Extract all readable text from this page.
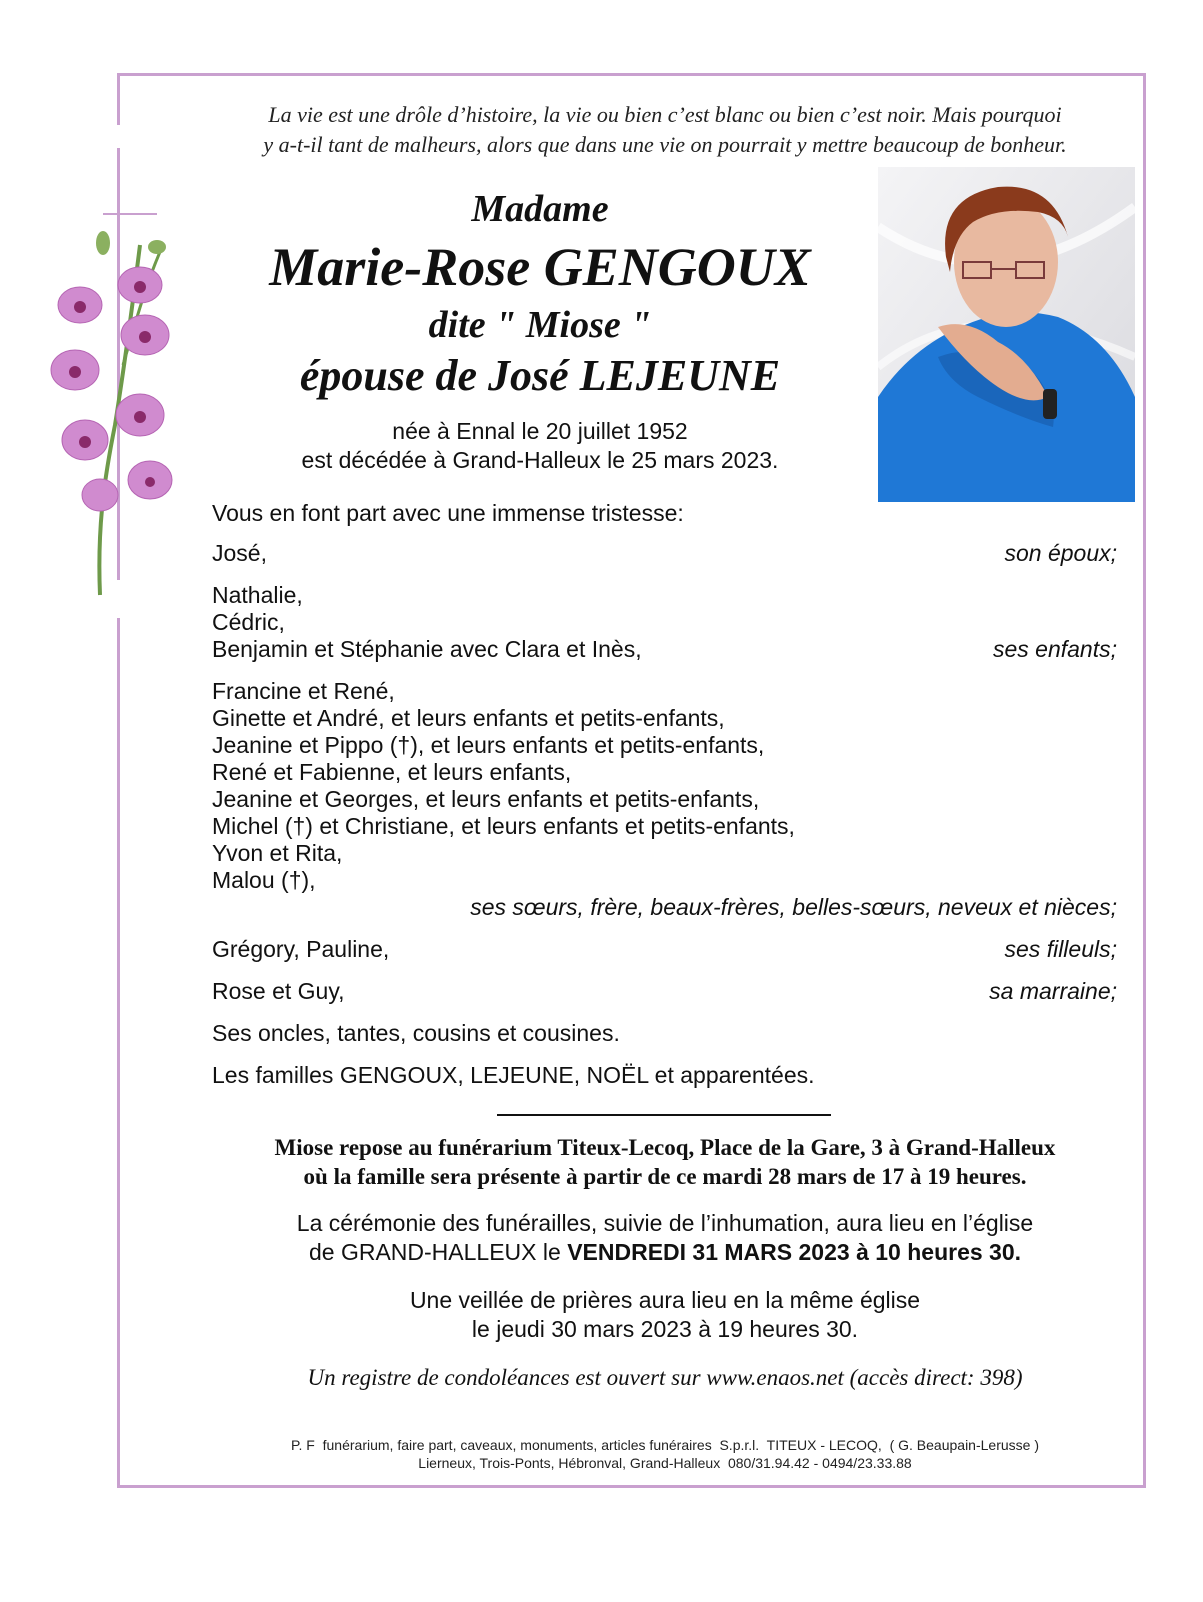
La vie est une drôle d’histoire, la vie ou bien c’est blanc ou bien c’est noir. Mais pourquoi
y a-t-il tant de malheurs, alors que dans une vie on pourrait y mettre beaucoup de bonheur.
Madame
Marie-Rose GENGOUX
dite " Miose "
épouse de José LEJEUNE
née à Ennal le 20 juillet 1952
est décédée à Grand-Halleux le 25 mars 2023.
Vous en font part avec une immense tristesse:
José,	son époux;
Nathalie,
Cédric,
Benjamin et Stéphanie avec Clara et Inès,	ses enfants;
Francine et René,
Ginette et André, et leurs enfants et petits-enfants,
Jeanine et Pippo (†), et leurs enfants et petits-enfants,
René et Fabienne, et leurs enfants,
Jeanine et Georges, et leurs enfants et petits-enfants,
Michel (†) et Christiane, et leurs enfants et petits-enfants,
Yvon et Rita,
Malou (†),
ses sœurs, frère, beaux-frères, belles-sœurs, neveux et nièces;
Grégory, Pauline,	ses filleuls;
Rose et Guy,	sa marraine;
Ses oncles, tantes, cousins et cousines.
Les familles GENGOUX, LEJEUNE, NOËL et apparentées.
Miose repose au funérarium Titeux-Lecoq, Place de la Gare, 3 à Grand-Halleux
où la famille sera présente à partir de ce mardi 28 mars de 17 à 19 heures.
La cérémonie des funérailles, suivie de l’inhumation, aura lieu en l’église
de GRAND-HALLEUX le VENDREDI 31 MARS 2023 à 10 heures 30.
Une veillée de prières aura lieu en la même église
le jeudi 30 mars 2023 à 19 heures 30.
Un registre de condoléances est ouvert sur www.enaos.net (accès direct: 398)
P. F  funérarium, faire part, caveaux, monuments, articles funéraires  S.p.r.l.  TITEUX - LECOQ,  ( G. Beaupain-Lerusse )
Lierneux, Trois-Ponts, Hébronval, Grand-Halleux  080/31.94.42 - 0494/23.33.88
